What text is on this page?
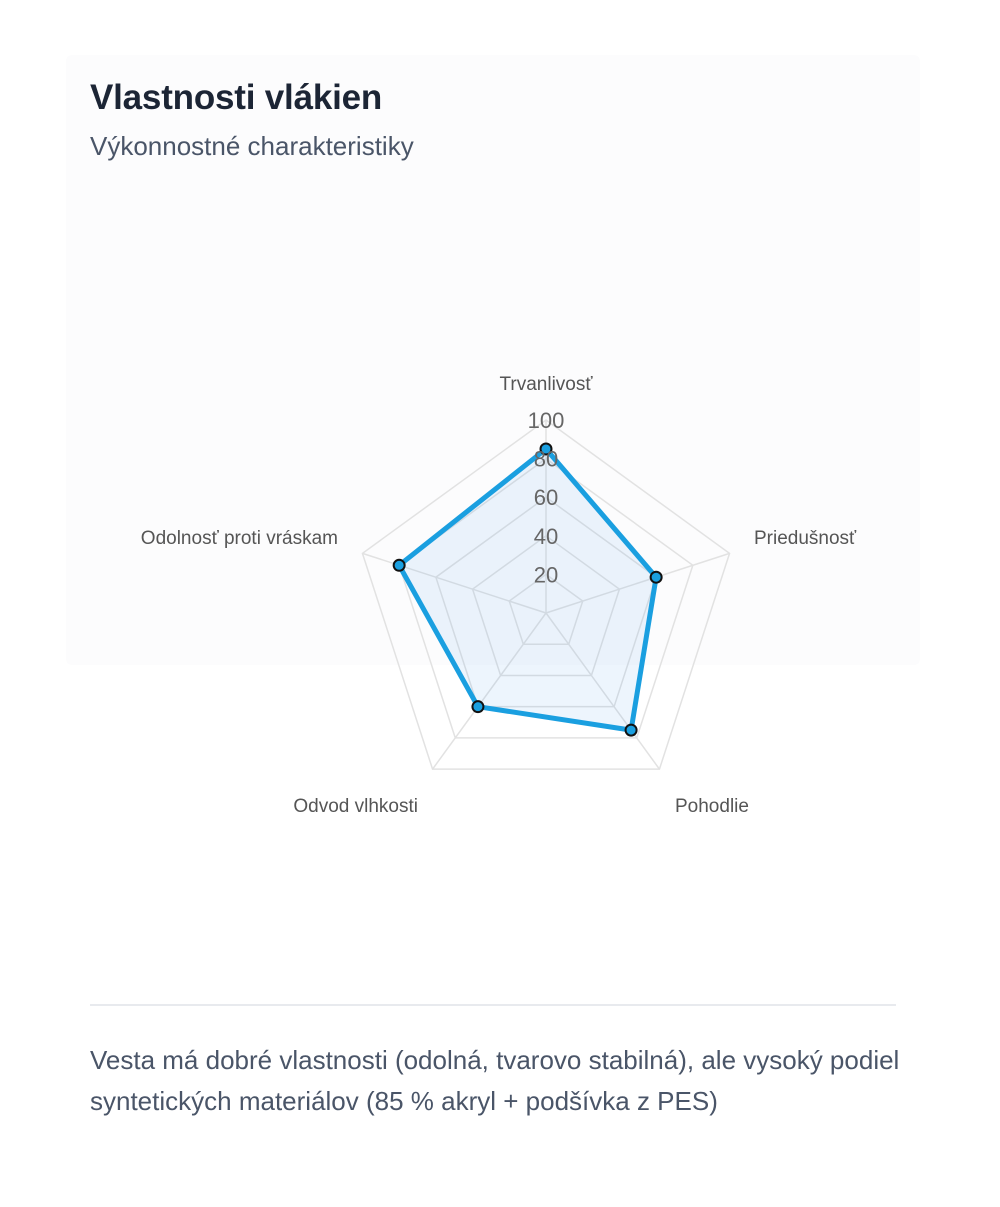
Vlastnosti vlákien

Výkonnostné charakteristiky

20
40
60
80
100
Trvanlivosť
Priedušnosť
Pohodlie
Odvod vlhkosti
Odolnosť proti vráskam

Vesta má dobré vlastnosti (odolná, tvarovo stabilná), ale vysoký podiel syntetických materiálov (85 % akryl + podšívka z PES)
